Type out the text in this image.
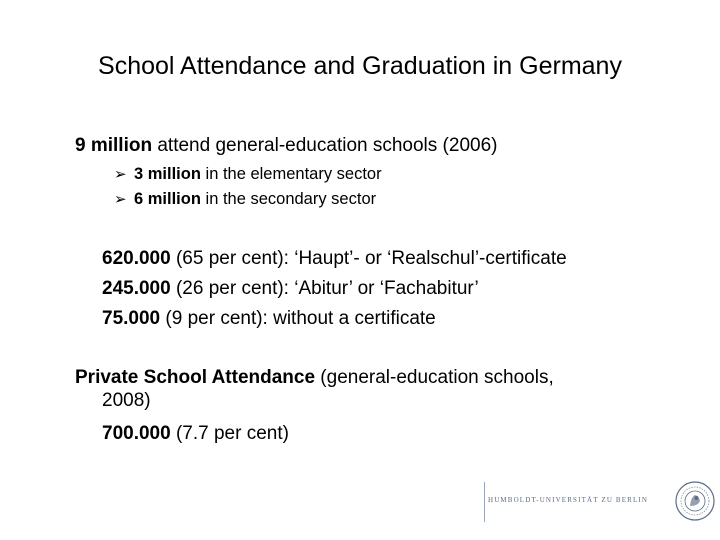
School Attendance and Graduation in Germany
9 million attend general-education schools (2006)
➢ 3 million in the elementary sector
➢ 6 million in the secondary sector
620.000 (65 per cent): ‘Haupt’- or ‘Realschul’-certificate
245.000 (26 per cent): ‘Abitur’ or ‘Fachabitur’
75.000 (9 per cent): without a certificate
Private School Attendance (general-education schools,
2008)
700.000 (7.7 per cent)
HUMBOLDT-UNIVERSITÄT ZU BERLIN
